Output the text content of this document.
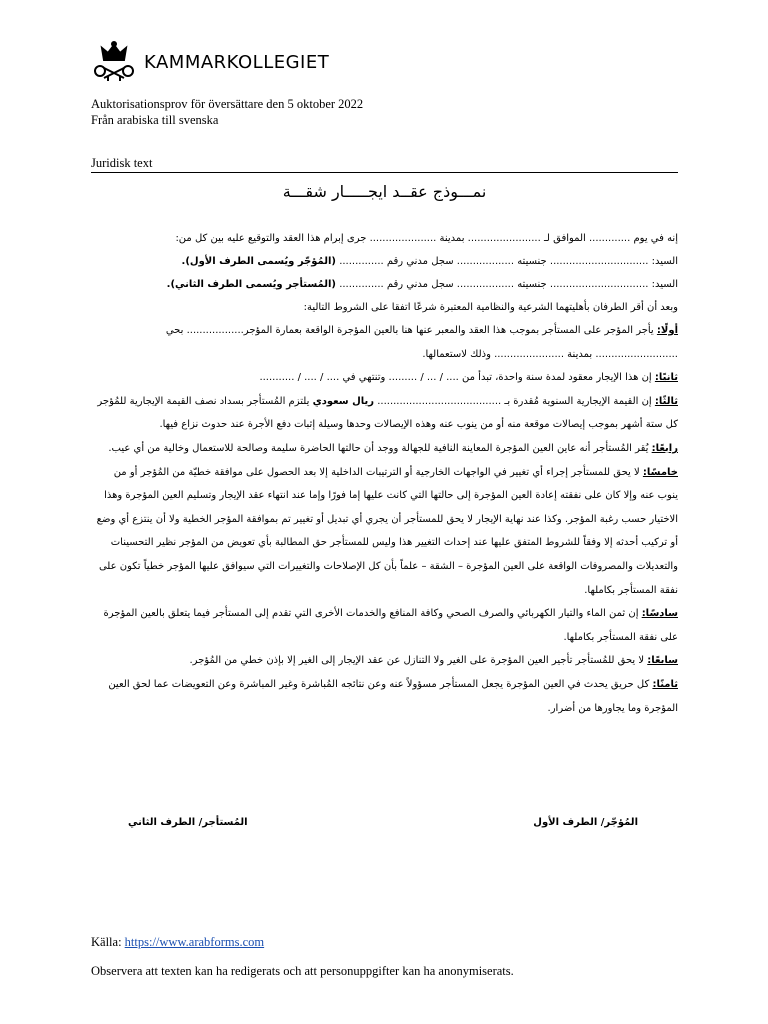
KAMMARKOLLEGIET
Auktorisationsprov för översättare den 5 oktober 2022
Från arabiska till svenska
Juridisk text
نمـــوذج عقــد ايجـــــار شقـــة

إنه في يوم ............. الموافق لـ ....................... بمدينة ..................... جرى إبرام هذا العقد والتوقيع عليه بين كل من:

السيد: ............................... جنسيته .................. سجل مدني رقم .............. (المُؤجّر ويُسمى الطرف الأول).

السيد: ............................... جنسيته .................. سجل مدني رقم .............. (المُستأجر ويُسمى الطرف الثاني).

وبعد أن أقر الطرفان بأهليتهما الشرعية والنظامية المعتبرة شرعًا اتفقا على الشروط التالية:

أولًا: يأجر المؤجر على المستأجر بموجب هذا العقد والمعبر عنها هنا بالعين المؤجرة الواقعة بعمارة المؤجر.................. بحي .......................... بمدينة ...................... وذلك لاستعمالها.

ثانيًا: إن هذا الإيجار معقود لمدة سنة واحدة، تبدأ من .... / ... / ......... وتنتهي في .... / .... / ...........

ثالثًا: إن القيمة الإيجارية السنوية مُقدرة بـ ....................................... ريال سعودي يلتزم المُستأجر بسداد نصف القيمة الإيجارية للمُؤجر كل ستة أشهر بموجب إيصالات موقعة منه أو من ينوب عنه وهذه الإيصالات وحدها وسيلة إثبات دفع الأجرة عند حدوث نزاع فيها.

رابعًا: يُقر المُستأجر أنه عاين العين المؤجرة المعاينة النافية للجهالة ووجد أن حالتها الحاضرة سليمة وصالحة للاستعمال وخالية من أي عيب.

خامسًا: لا يحق للمستأجر إجراء أي تغيير في الواجهات الخارجية أو الترتيبات الداخلية إلا بعد الحصول على موافقة خطيّة من المُؤجر أو من ينوب عنه وإلا كان على نفقته إعادة العين المؤجرة إلى حالتها التي كانت عليها إما فورًا وإما عند انتهاء عقد الإيجار وتسليم العين المؤجرة وهذا الاختيار حسب رغبة المؤجر. وكذا عند نهاية الإيجار لا يحق للمستأجر أن يجري أي تبديل أو تغيير تم بموافقة المؤجر الخطية ولا أن ينتزع أي وضع أو تركيب أحدثه إلا وفقاً للشروط المتفق عليها عند إحداث التغيير هذا وليس للمستأجر حق المطالبة بأي تعويض من المؤجر نظير التحسينات والتعديلات والمصروفات الواقعة على العين المؤجرة – الشقة – علماً بأن كل الإصلاحات والتغييرات التي سيوافق عليها المؤجر خطياً تكون على نفقة المستأجر بكاملها.

سادسًا: إن ثمن الماء والتيار الكهربائي والصرف الصحي وكافة المنافع والخدمات الأخرى التي تقدم إلى المستأجر فيما يتعلق بالعين المؤجرة على نفقة المستأجر بكاملها.

سابعًا: لا يحق للمُستأجر تأجير العين المؤجرة على الغير ولا التنازل عن عقد الإيجار إلى الغير إلا بإذن خطي من المُؤجر.

ثامنًا: كل حريق يحدث في العين المؤجرة يجعل المستأجر مسؤولاً عنه وعن نتائجه المُباشرة وغير المباشرة وعن التعويضات عما لحق العين المؤجرة وما يجاورها من أضرار.

المُؤجّر/ الطرف الأول
المُستأجر/ الطرف الثاني
Källa: https://www.arabforms.com
Observera att texten kan ha redigerats och att personuppgifter kan ha anonymiserats.
